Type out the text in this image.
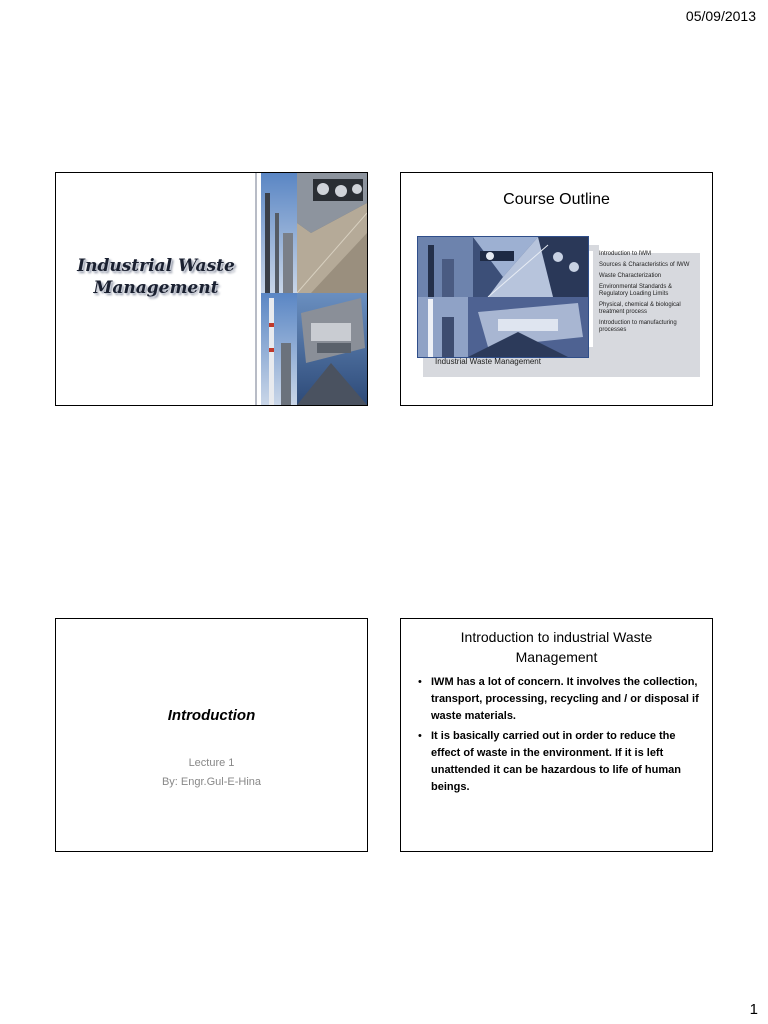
05/09/2013
Industrial Waste Management
Course Outline
Industrial Waste Management
Introduction to IWM
Sources & Characteristics of IWW
Waste Characterization
Environmental Standards & Regulatory Loading Limits
Physical, chemical & biological treatment process
Introduction to manufacturing processes
Introduction
Lecture 1
By: Engr.Gul-E-Hina
Introduction to industrial Waste Management
• IWM has a lot of concern. It involves the collection, transport, processing, recycling and / or disposal if waste materials.
• It is basically carried out in order to reduce the effect of waste in the environment. If it is left unattended it can be hazardous to life of human beings.
1
